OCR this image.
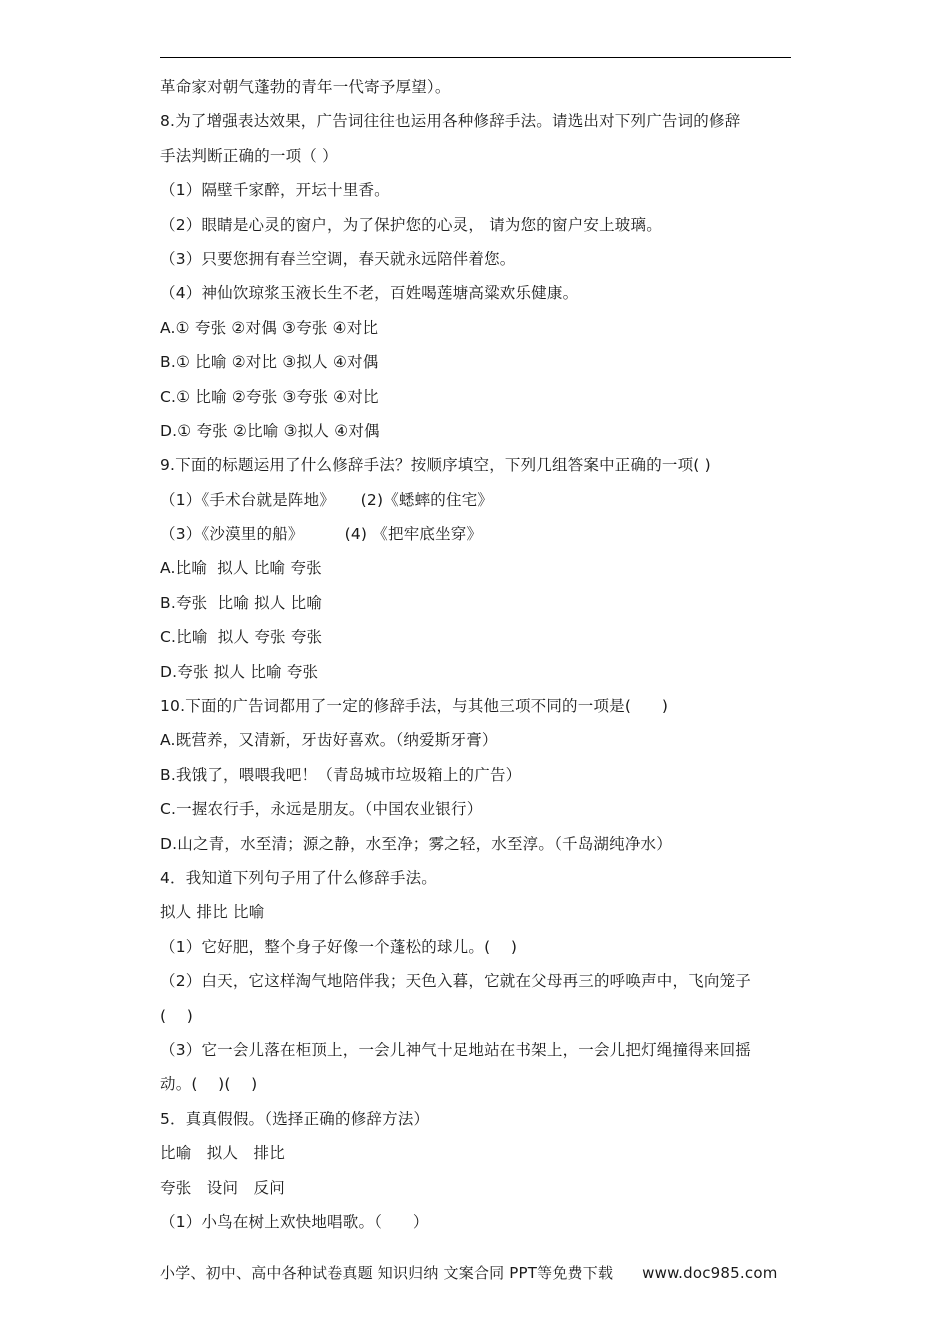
革命家对朝气蓬勃的青年一代寄予厚望）。
8.为了增强表达效果，广告词往往也运用各种修辞手法。请选出对下列广告词的修辞
手法判断正确的一项（ ）
（1）隔壁千家醉，开坛十里香。
（2）眼睛是心灵的窗户，为了保护您的心灵， 请为您的窗户安上玻璃。
（3）只要您拥有春兰空调，春天就永远陪伴着您。
（4）神仙饮琼浆玉液长生不老，百姓喝莲塘高粱欢乐健康。
A.① 夸张 ②对偶 ③夸张 ④对比
B.① 比喻 ②对比 ③拟人 ④对偶
C.① 比喻 ②夸张 ③夸张 ④对比
D.① 夸张 ②比喻 ③拟人 ④对偶
9.下面的标题运用了什么修辞手法？按顺序填空，下列几组答案中正确的一项( )
（1）《手术台就是阵地》     (2)《蟋蟀的住宅》
（3）《沙漠里的船》        (4) 《把牢底坐穿》
A.比喻  拟人 比喻 夸张
B.夸张  比喻 拟人 比喻
C.比喻  拟人 夸张 夸张
D.夸张 拟人 比喻 夸张
10.下面的广告词都用了一定的修辞手法，与其他三项不同的一项是(      )
A.既营养，又清新，牙齿好喜欢。（纳爱斯牙膏）
B.我饿了，喂喂我吧！（青岛城市垃圾箱上的广告）
C.一握农行手，永远是朋友。（中国农业银行）
D.山之青，水至清；源之静，水至净；雾之轻，水至淳。（千岛湖纯净水）
4．我知道下列句子用了什么修辞手法。
拟人 排比 比喻
（1）它好肥，整个身子好像一个蓬松的球儿。(    )
（2）白天，它这样淘气地陪伴我；天色入暮，它就在父母再三的呼唤声中，飞向笼子
(    )
（3）它一会儿落在柜顶上，一会儿神气十足地站在书架上，一会儿把灯绳撞得来回摇
动。(    )(    )
5．真真假假。（选择正确的修辞方法）
比喻   拟人   排比
夸张   设问   反问
（1）小鸟在树上欢快地唱歌。（      ）
小学、初中、高中各种试卷真题 知识归纳 文案合同 PPT等免费下载 www.doc985.com
